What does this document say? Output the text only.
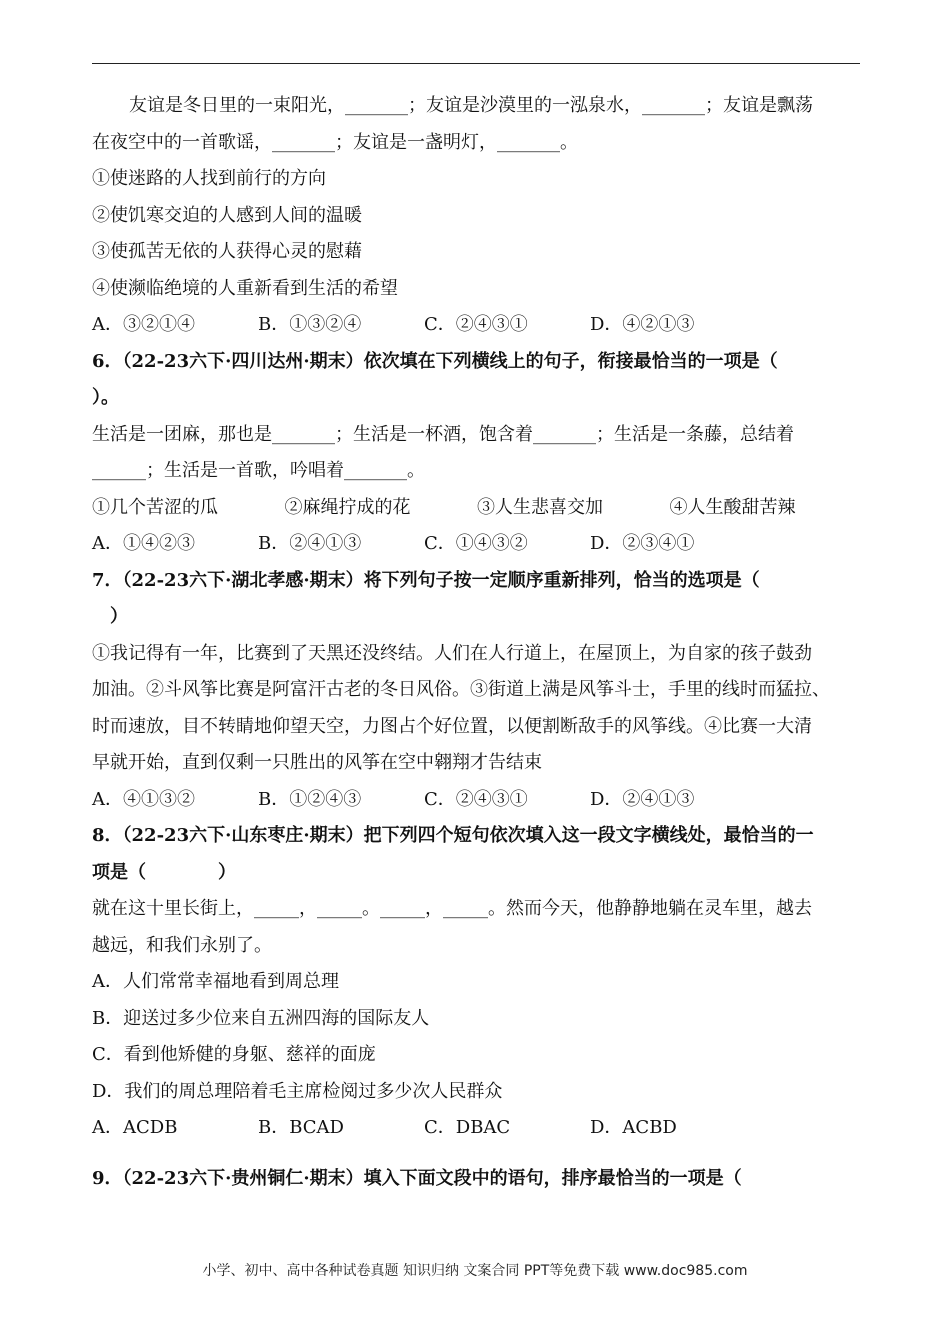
友谊是冬日里的一束阳光，_______；友谊是沙漠里的一泓泉水，_______；友谊是飘荡
在夜空中的一首歌谣，_______；友谊是一盏明灯，_______。
①使迷路的人找到前行的方向
②使饥寒交迫的人感到人间的温暖
③使孤苦无依的人获得心灵的慰藉
④使濒临绝境的人重新看到生活的希望
A．③②①④	B．①③②④	C．②④③①	D．④②①③
6．（22-23六下·四川达州·期末）依次填在下列横线上的句子，衔接最恰当的一项是（
）。
生活是一团麻，那也是_______；生活是一杯酒，饱含着_______；生活是一条藤，总结着
______；生活是一首歌，吟唱着_______。
①几个苦涩的瓜	②麻绳拧成的花	③人生悲喜交加	④人生酸甜苦辣
A．①④②③	B．②④①③	C．①④③②	D．②③④①
7．（22-23六下·湖北孝感·期末）将下列句子按一定顺序重新排列，恰当的选项是（
）
①我记得有一年，比赛到了天黑还没终结。人们在人行道上，在屋顶上，为自家的孩子鼓劲
加油。②斗风筝比赛是阿富汗古老的冬日风俗。③街道上满是风筝斗士，手里的线时而猛拉、
时而速放，目不转睛地仰望天空，力图占个好位置，以便割断敌手的风筝线。④比赛一大清
早就开始，直到仅剩一只胜出的风筝在空中翱翔才告结束
A．④①③②	B．①②④③	C．②④③①	D．②④①③
8．（22-23六下·山东枣庄·期末）把下列四个短句依次填入这一段文字横线处，最恰当的一
项是（　　　　）
就在这十里长街上，_____，_____。_____，_____。然而今天，他静静地躺在灵车里，越去
越远，和我们永别了。
A．人们常常幸福地看到周总理
B．迎送过多少位来自五洲四海的国际友人
C．看到他矫健的身躯、慈祥的面庞
D．我们的周总理陪着毛主席检阅过多少次人民群众
A．ACDB	B．BCAD	C．DBAC	D．ACBD
9．（22-23六下·贵州铜仁·期末）填入下面文段中的语句，排序最恰当的一项是（
小学、初中、高中各种试卷真题 知识归纳 文案合同 PPT等免费下载 www.doc985.com
